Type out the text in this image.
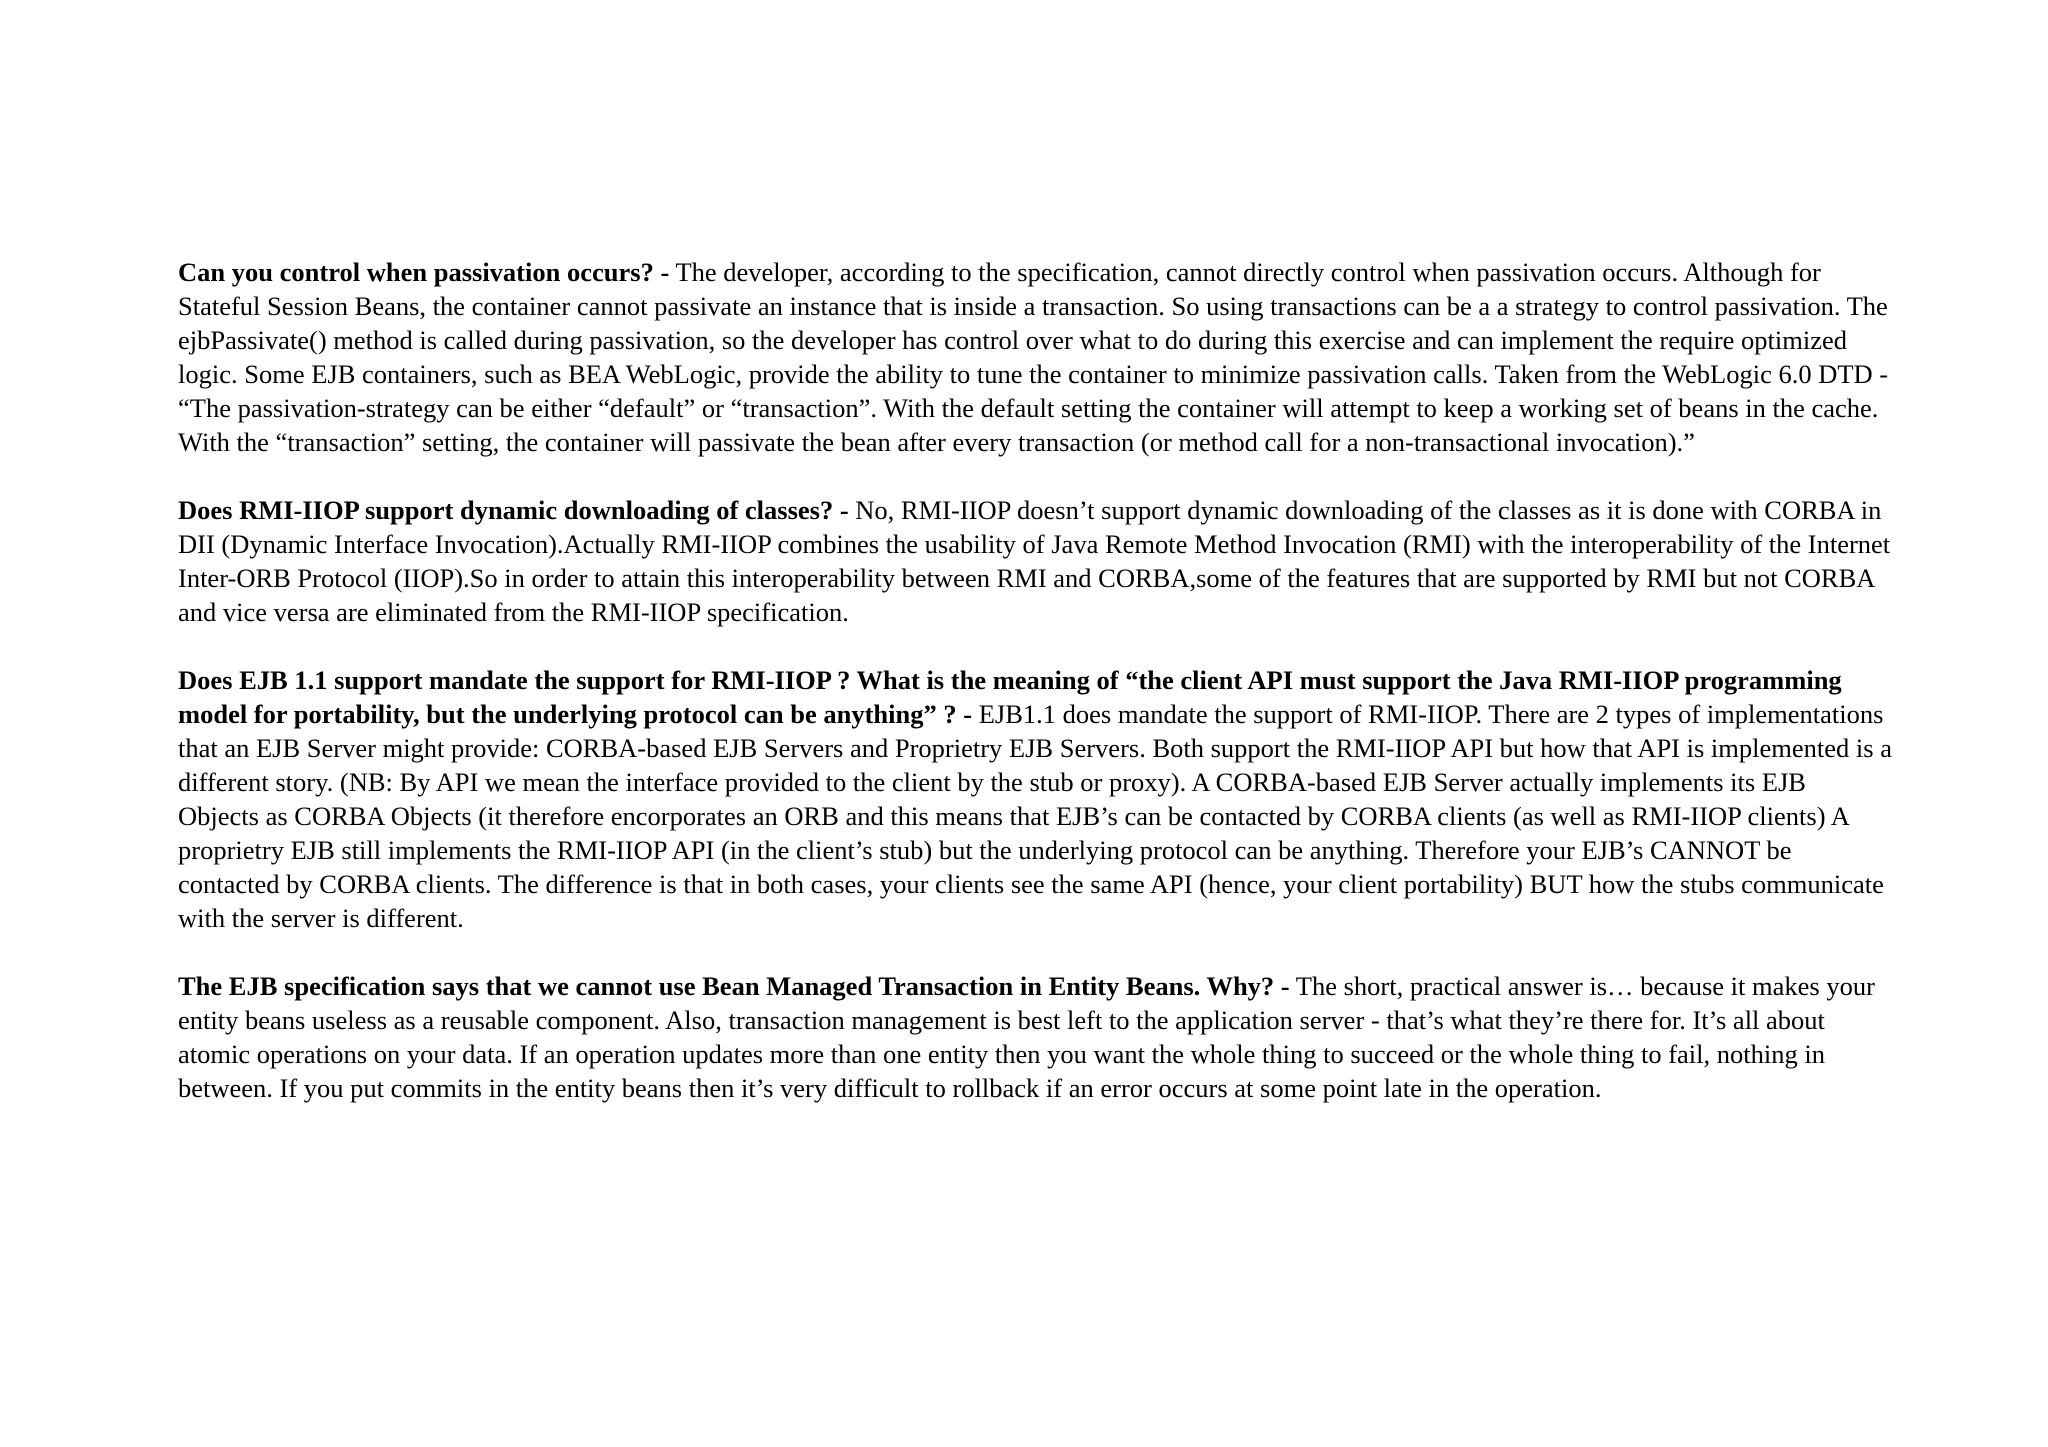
Can you control when passivation occurs? - The developer, according to the specification, cannot directly control when passivation occurs. Although for Stateful Session Beans, the container cannot passivate an instance that is inside a transaction. So using transactions can be a a strategy to control passivation. The ejbPassivate() method is called during passivation, so the developer has control over what to do during this exercise and can implement the require optimized logic. Some EJB containers, such as BEA WebLogic, provide the ability to tune the container to minimize passivation calls. Taken from the WebLogic 6.0 DTD - “The passivation-strategy can be either “default” or “transaction”. With the default setting the container will attempt to keep a working set of beans in the cache. With the “transaction” setting, the container will passivate the bean after every transaction (or method call for a non-transactional invocation).”

Does RMI-IIOP support dynamic downloading of classes? - No, RMI-IIOP doesn’t support dynamic downloading of the classes as it is done with CORBA in DII (Dynamic Interface Invocation).Actually RMI-IIOP combines the usability of Java Remote Method Invocation (RMI) with the interoperability of the Internet Inter-ORB Protocol (IIOP).So in order to attain this interoperability between RMI and CORBA,some of the features that are supported by RMI but not CORBA and vice versa are eliminated from the RMI-IIOP specification.

Does EJB 1.1 support mandate the support for RMI-IIOP ? What is the meaning of “the client API must support the Java RMI-IIOP programming model for portability, but the underlying protocol can be anything” ? - EJB1.1 does mandate the support of RMI-IIOP. There are 2 types of implementations that an EJB Server might provide: CORBA-based EJB Servers and Proprietry EJB Servers. Both support the RMI-IIOP API but how that API is implemented is a different story. (NB: By API we mean the interface provided to the client by the stub or proxy). A CORBA-based EJB Server actually implements its EJB Objects as CORBA Objects (it therefore encorporates an ORB and this means that EJB’s can be contacted by CORBA clients (as well as RMI-IIOP clients) A proprietry EJB still implements the RMI-IIOP API (in the client’s stub) but the underlying protocol can be anything. Therefore your EJB’s CANNOT be contacted by CORBA clients. The difference is that in both cases, your clients see the same API (hence, your client portability) BUT how the stubs communicate with the server is different.

The EJB specification says that we cannot use Bean Managed Transaction in Entity Beans. Why? - The short, practical answer is… because it makes your entity beans useless as a reusable component. Also, transaction management is best left to the application server - that’s what they’re there for. It’s all about atomic operations on your data. If an operation updates more than one entity then you want the whole thing to succeed or the whole thing to fail, nothing in between. If you put commits in the entity beans then it’s very difficult to rollback if an error occurs at some point late in the operation.
